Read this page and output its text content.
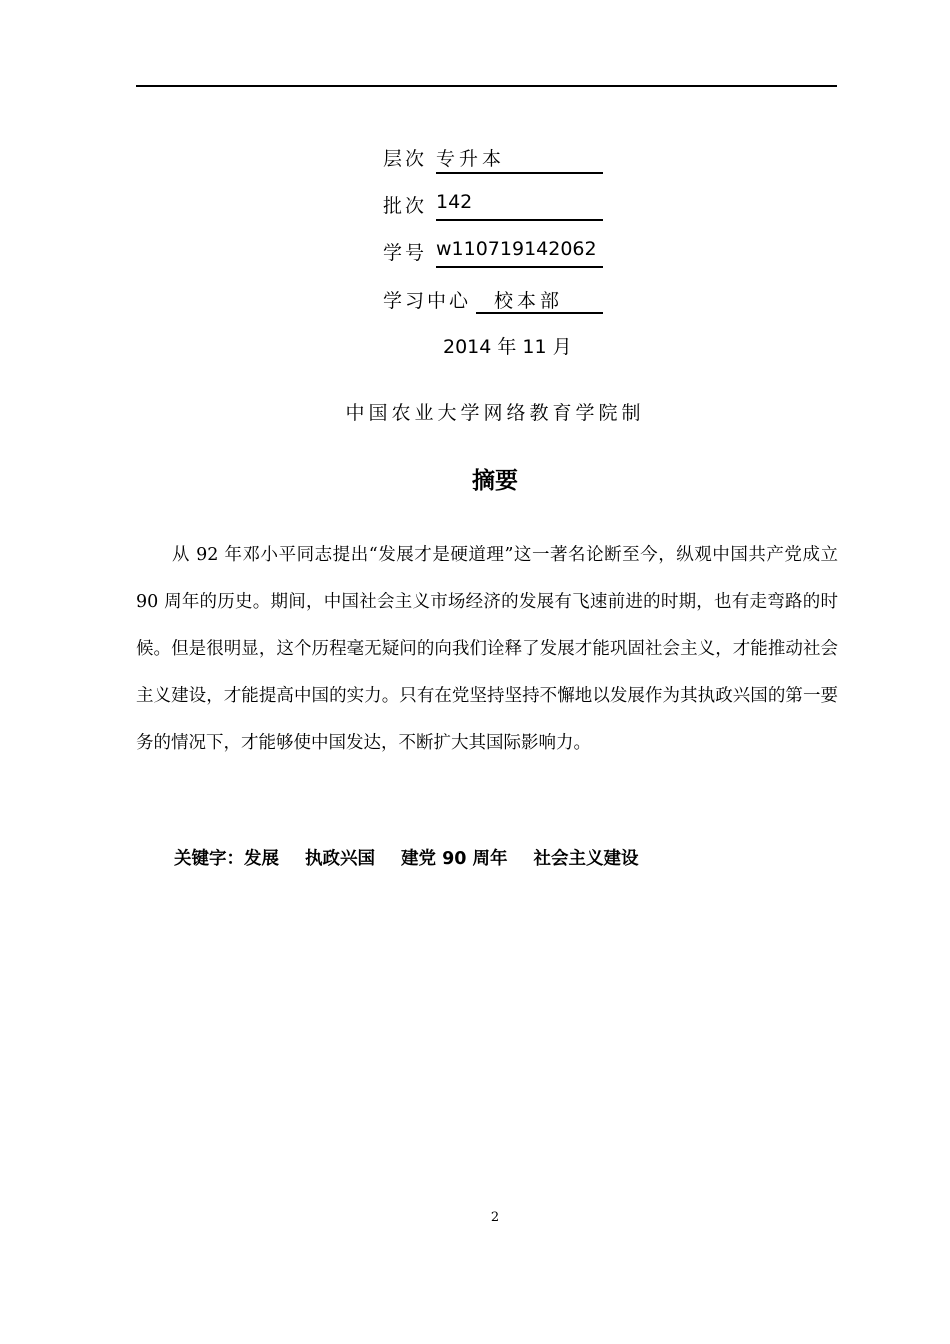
层次 专升本
批次 142
学号 w110719142062
学习中心	校本部
2014 年 11 月
中国农业大学网络教育学院制
摘要

从 92 年邓小平同志提出“发展才是硬道理”这一著名论断至今，纵观中国共产党成立 90 周年的历史。期间，中国社会主义市场经济的发展有飞速前进的时期，也有走弯路的时候。但是很明显，这个历程毫无疑问的向我们诠释了发展才能巩固社会主义，才能推动社会主义建设，才能提高中国的实力。只有在党坚持坚持不懈地以发展作为其执政兴国的第一要务的情况下，才能够使中国发达，不断扩大其国际影响力。

关键字：发展 执政兴国 建党 90 周年 社会主义建设
2
